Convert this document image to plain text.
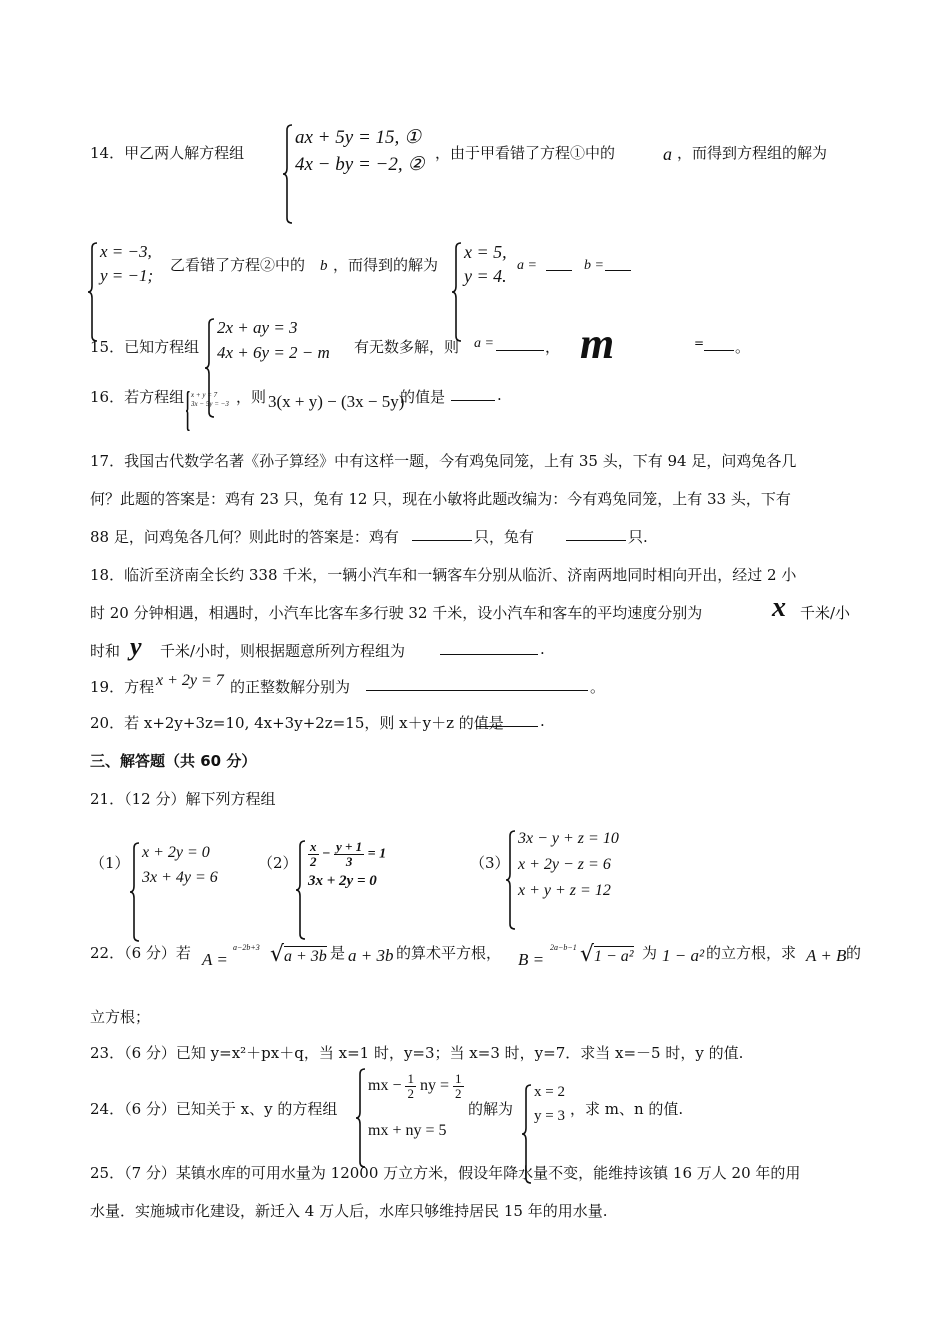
14．甲乙两人解方程组
ax + 5y = 15, ①
4x − by = −2, ②
，由于甲看错了方程①中的	a ，而得到方程组的解为
x = −3,
y = −1;
乙看错了方程②中的 b ，而得到的解为
x = 5,
y = 4.
a =	b =
15．已知方程组
2x + ay = 3
4x + 6y = 2 − m 有无数多解，则 a =	， m	= 。
16．若方程组 x + y = 7
3x − 5y = −3 ，则 3(x + y) − (3x − 5y)
的值是	.
17．我国古代数学名著《孙子算经》中有这样一题，今有鸡兔同笼，上有 35 头，下有 94 足，问鸡兔各几
何？此题的答案是：鸡有 23 只，兔有 12 只，现在小敏将此题改编为：今有鸡兔同笼，上有 33 头，下有
88 足，问鸡兔各几何？则此时的答案是：鸡有	只，兔有	只.
18．临沂至济南全长约 338 千米，一辆小汽车和一辆客车分别从临沂、济南两地同时相向开出，经过 2 小
时 20 分钟相遇，相遇时，小汽车比客车多行驶 32 千米，设小汽车和客车的平均速度分别为 x 千米/小
时和 y 千米/小时，则根据题意所列方程组为	.
19．方程 x + 2y = 7 的正整数解分别为	。
20．若 x+2y+3z=10, 4x+3y+2z=15，则 x＋y＋z 的值是 .
三、解答题（共 60 分）
21．（12 分）解下列方程组
（1）
x + 2y = 0
3x + 4y = 6
$(2) \frac{x}{2} - \frac{y + 1}{3} = 1$
3x + 2y = 0
（3）
3x − y + z = 10
x + 2y − z = 6
x + y + z = 12
22．（6 分）若 A =
a−2b+3 √ a + 3b 是 a + 3b 的算术平方根， B =
2a−b−1 √ 1 − a² 为 1 − a² 的立方根，求 A + B 的
立方根；
23．（6 分）已知 y=x²＋px＋q，当 x=1 时，y=3；当 x=3 时，y=7．求当 x=－5 时，y 的值.
24．（6 分）已知关于 x、y 的方程组
mx − $\frac{1}{2}$ ny = $\frac{1}{2}$
mx + ny = 5
的解为
x = 2
y = 3 ，求 m、n 的值.
25．（7 分）某镇水库的可用水量为 12000 万立方米，假设年降水量不变，能维持该镇 16 万人 20 年的用
水量．实施城市化建设，新迁入 4 万人后，水库只够维持居民 15 年的用水量.
